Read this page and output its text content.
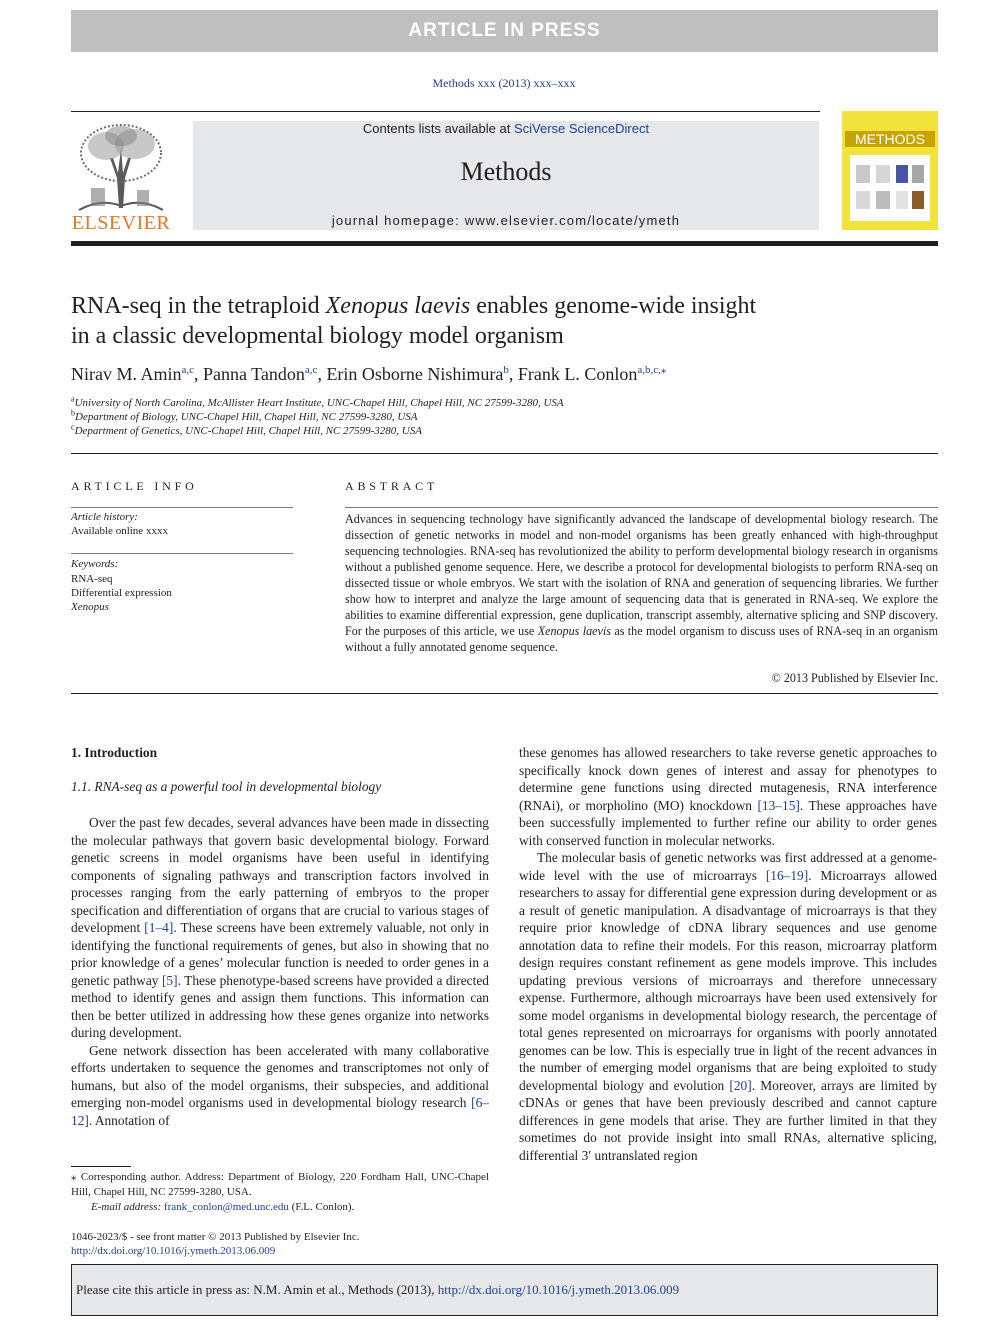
ARTICLE IN PRESS
Methods xxx (2013) xxx–xxx
ELSEVIER
Contents lists available at SciVerse ScienceDirect
Methods
journal homepage: www.elsevier.com/locate/ymeth
METHODS
RNA-seq in the tetraploid Xenopus laevis enables genome-wide insight
in a classic developmental biology model organism
Nirav M. Amin$^{a,c}$, Panna Tandon$^{a,c}$, Erin Osborne Nishimura$^b$, Frank L. Conlon$^{a,b,c,⁎}$
$^a$University of North Carolina, McAllister Heart Institute, UNC-Chapel Hill, Chapel Hill, NC 27599-3280, USA
$^b$Department of Biology, UNC-Chapel Hill, Chapel Hill, NC 27599-3280, USA
$^c$Department of Genetics, UNC-Chapel Hill, Chapel Hill, NC 27599-3280, USA
ARTICLE INFO
Article history:
Available online xxxx
Keywords:
RNA-seq
Differential expression
Xenopus
ABSTRACT
Advances in sequencing technology have significantly advanced the landscape of developmental biology research. The dissection of genetic networks in model and non-model organisms has been greatly enhanced with high-throughput sequencing technologies. RNA-seq has revolutionized the ability to perform developmental biology research in organisms without a published genome sequence. Here, we describe a protocol for developmental biologists to perform RNA-seq on dissected tissue or whole embryos. We start with the isolation of RNA and generation of sequencing libraries. We further show how to interpret and analyze the large amount of sequencing data that is generated in RNA-seq. We explore the abilities to examine differential expression, gene duplication, transcript assembly, alternative splicing and SNP discovery. For the purposes of this article, we use Xenopus laevis as the model organism to discuss uses of RNA-seq in an organism without a fully annotated genome sequence.
© 2013 Published by Elsevier Inc.
1. Introduction
1.1. RNA-seq as a powerful tool in developmental biology

Over the past few decades, several advances have been made in dissecting the molecular pathways that govern basic developmental biology. Forward genetic screens in model organisms have been useful in identifying components of signaling pathways and transcription factors involved in processes ranging from the early patterning of embryos to the proper specification and differentiation of organs that are crucial to various stages of development [1–4]. These screens have been extremely valuable, not only in identifying the functional requirements of genes, but also in showing that no prior knowledge of a genes’ molecular function is needed to order genes in a genetic pathway [5]. These phenotype-based screens have provided a directed method to identify genes and assign them functions. This information can then be better utilized in addressing how these genes organize into networks during development.

Gene network dissection has been accelerated with many collaborative efforts undertaken to sequence the genomes and transcriptomes not only of humans, but also of the model organisms, their subspecies, and additional emerging non-model organisms used in developmental biology research [6–12]. Annotation of

these genomes has allowed researchers to take reverse genetic approaches to specifically knock down genes of interest and assay for phenotypes to determine gene functions using directed mutagenesis, RNA interference (RNAi), or morpholino (MO) knockdown [13–15]. These approaches have been successfully implemented to further refine our ability to order genes with conserved function in molecular networks.

The molecular basis of genetic networks was first addressed at a genome-wide level with the use of microarrays [16–19]. Microarrays allowed researchers to assay for differential gene expression during development or as a result of genetic manipulation. A disadvantage of microarrays is that they require prior knowledge of cDNA library sequences and use genome annotation data to refine their models. For this reason, microarray platform design requires constant refinement as gene models improve. This includes updating previous versions of microarrays and therefore unnecessary expense. Furthermore, although microarrays have been used extensively for some model organisms in developmental biology research, the percentage of total genes represented on microarrays for organisms with poorly annotated genomes can be low. This is especially true in light of the recent advances in the number of emerging model organisms that are being exploited to study developmental biology and evolution [20]. Moreover, arrays are limited by cDNAs or genes that have been previously described and cannot capture differences in gene models that arise. They are further limited in that they sometimes do not provide insight into small RNAs, alternative splicing, differential 3′ untranslated region

⁎ Corresponding author. Address: Department of Biology, 220 Fordham Hall, UNC-Chapel Hill, Chapel Hill, NC 27599-3280, USA.
E-mail address: frank_conlon@med.unc.edu (F.L. Conlon).
1046-2023/$ - see front matter © 2013 Published by Elsevier Inc.
http://dx.doi.org/10.1016/j.ymeth.2013.06.009
Please cite this article in press as: N.M. Amin et al., Methods (2013), http://dx.doi.org/10.1016/j.ymeth.2013.06.009
